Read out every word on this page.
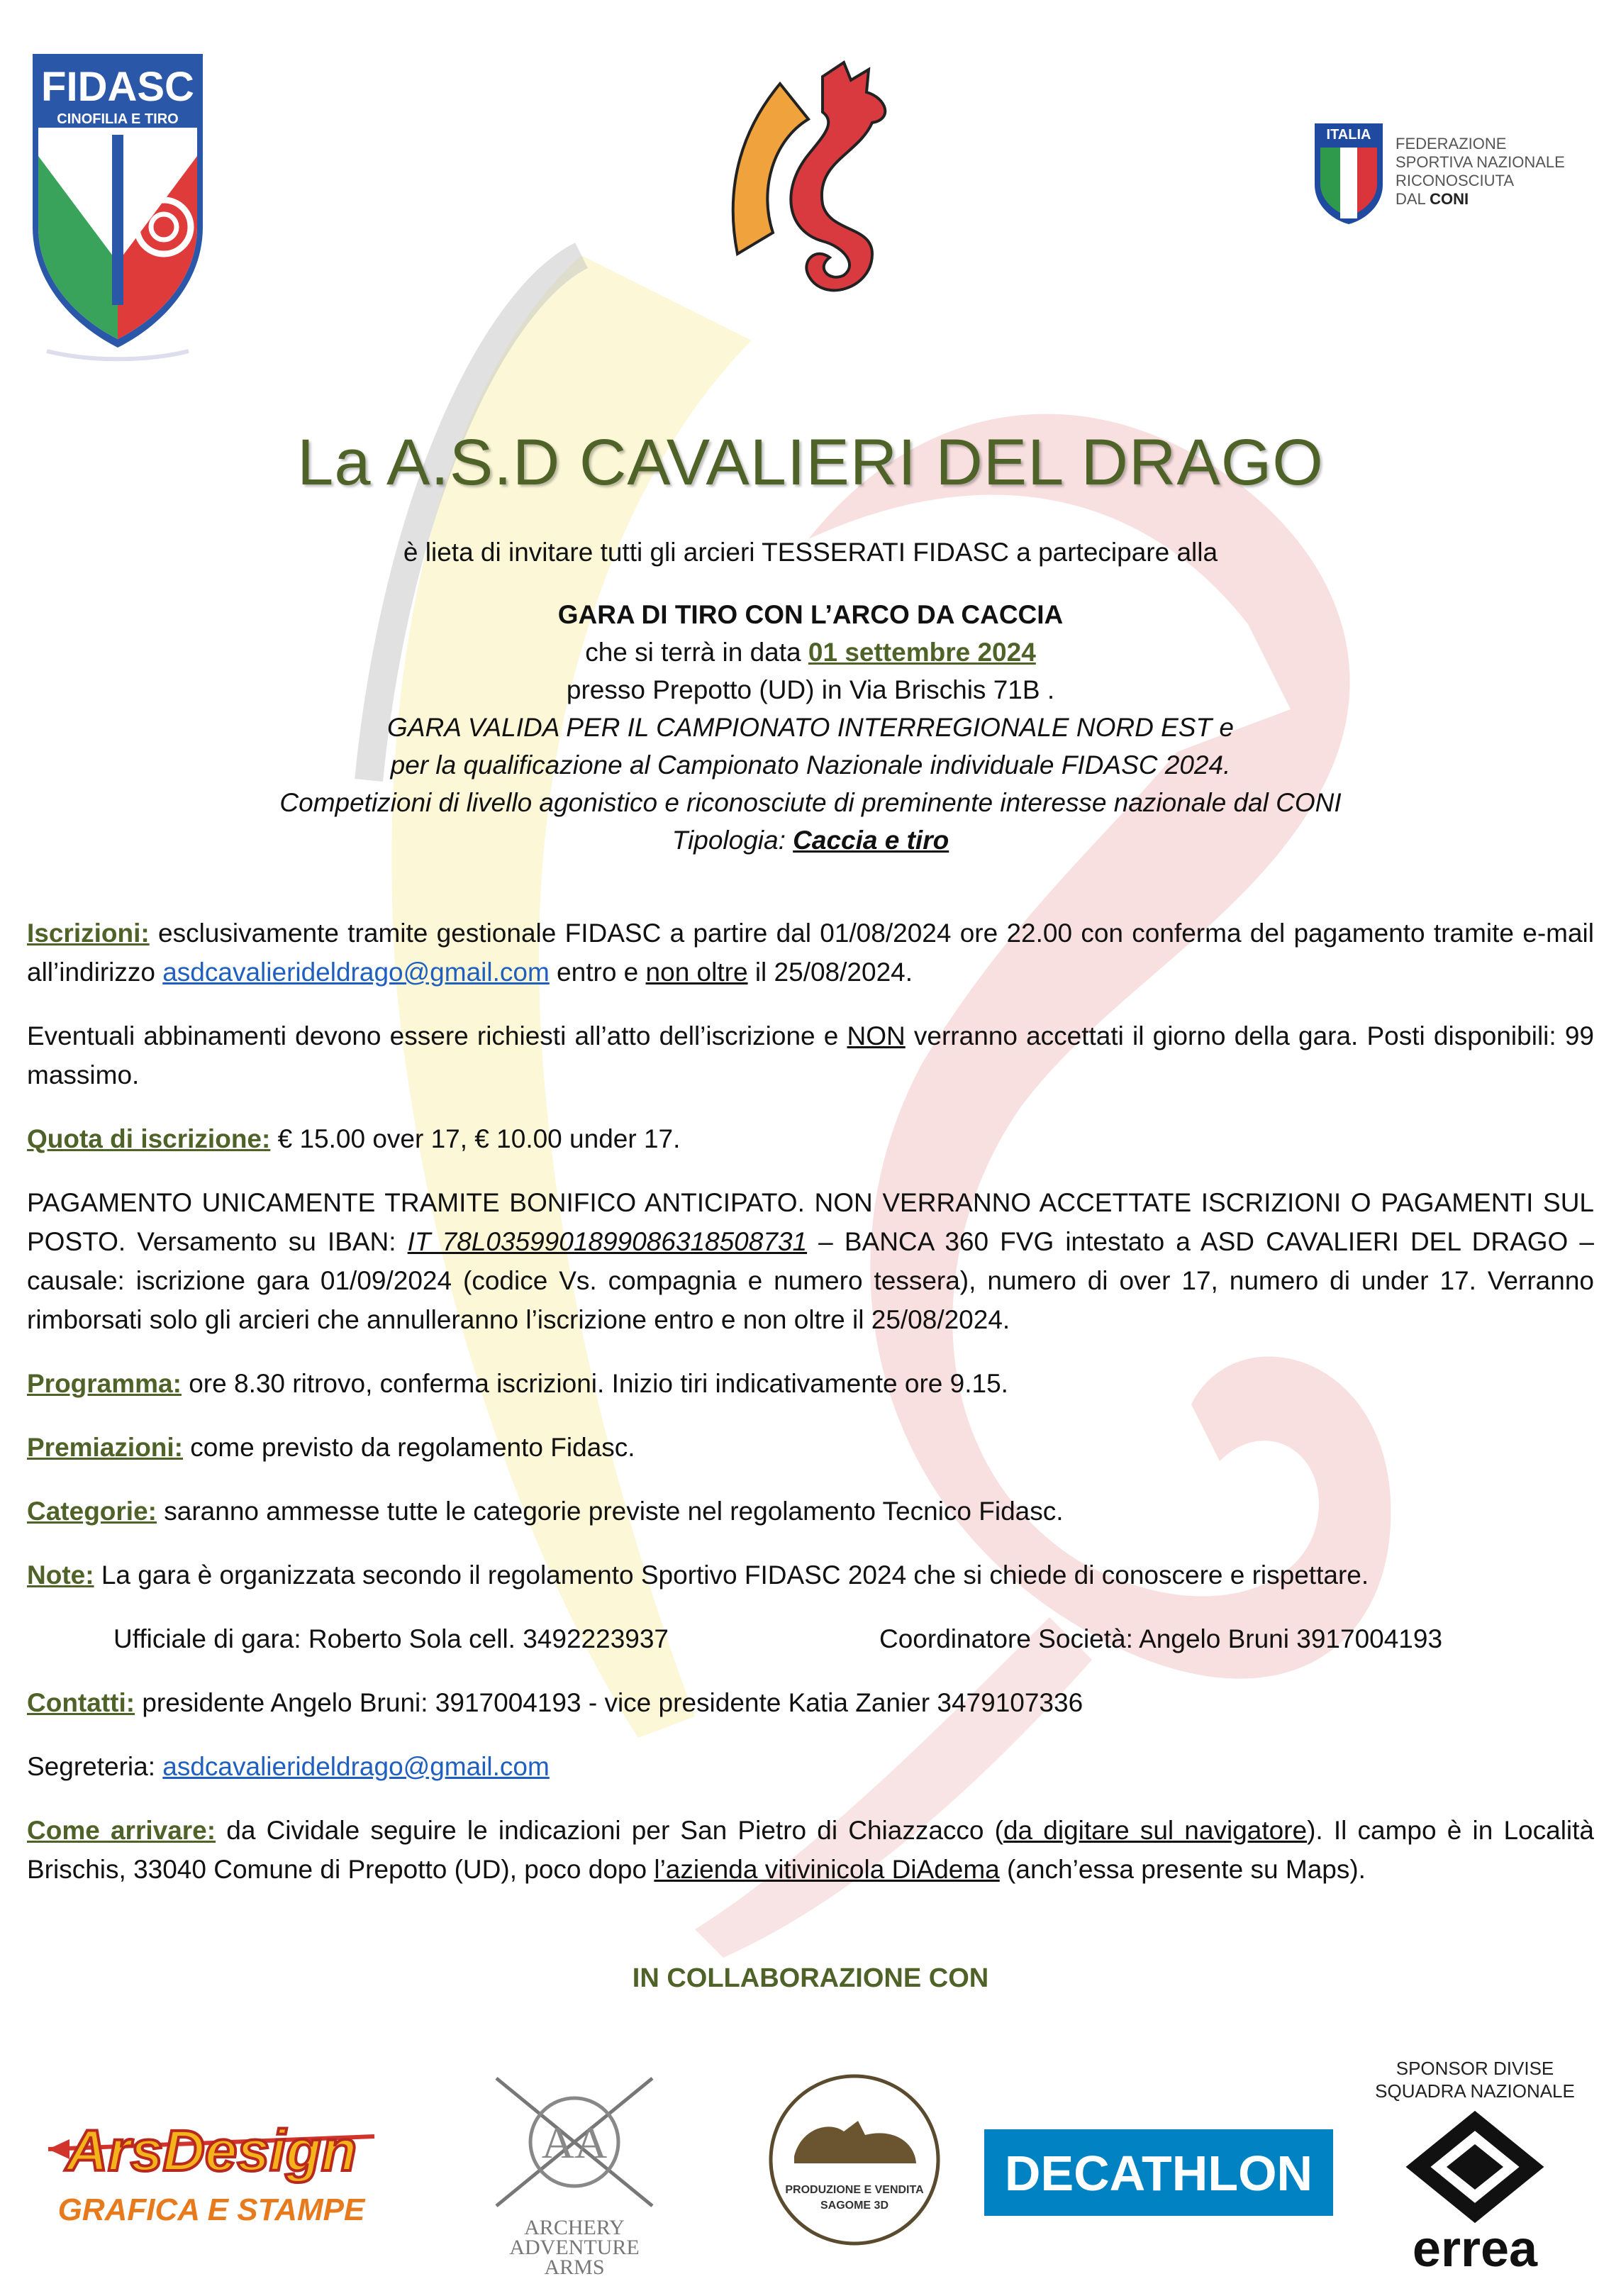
FIDASC
CINOFILIA E TIRO
ITALIA FEDERAZIONE
SPORTIVA NAZIONALE
RICONOSCIUTA
DAL CONI
La A.S.D CAVALIERI DEL DRAGO
è lieta di invitare tutti gli arcieri TESSERATI FIDASC a partecipare alla
GARA DI TIRO CON L’ARCO DA CACCIA
che si terrà in data 01 settembre 2024
presso Prepotto (UD) in Via Brischis 71B .
GARA VALIDA PER IL CAMPIONATO INTERREGIONALE NORD EST e
per la qualificazione al Campionato Nazionale individuale FIDASC 2024.
Competizioni di livello agonistico e riconosciute di preminente interesse nazionale dal CONI
Tipologia: Caccia e tiro

Iscrizioni: esclusivamente tramite gestionale FIDASC a partire dal 01/08/2024 ore 22.00 con conferma del pagamento tramite e-mail all’indirizzo asdcavalierideldrago@gmail.com entro e non oltre il 25/08/2024.

Eventuali abbinamenti devono essere richiesti all’atto dell’iscrizione e NON verranno accettati il giorno della gara. Posti disponibili: 99 massimo.

Quota di iscrizione: € 15.00 over 17, € 10.00 under 17.

PAGAMENTO UNICAMENTE TRAMITE BONIFICO ANTICIPATO. NON VERRANNO ACCETTATE ISCRIZIONI O PAGAMENTI SUL POSTO. Versamento su IBAN: IT 78L0359901899086318508731 – BANCA 360 FVG intestato a ASD CAVALIERI DEL DRAGO – causale: iscrizione gara 01/09/2024 (codice Vs. compagnia e numero tessera), numero di over 17, numero di under 17. Verranno rimborsati solo gli arcieri che annulleranno l’iscrizione entro e non oltre il 25/08/2024.

Programma: ore 8.30 ritrovo, conferma iscrizioni. Inizio tiri indicativamente ore 9.15.

Premiazioni: come previsto da regolamento Fidasc.

Categorie: saranno ammesse tutte le categorie previste nel regolamento Tecnico Fidasc.

Note: La gara è organizzata secondo il regolamento Sportivo FIDASC 2024 che si chiede di conoscere e rispettare.

Ufficiale di gara: Roberto Sola cell. 3492223937	Coordinatore Società: Angelo Bruni 3917004193

Contatti: presidente Angelo Bruni: 3917004193 - vice presidente Katia Zanier 3479107336

Segreteria: asdcavalierideldrago@gmail.com

Come arrivare: da Cividale seguire le indicazioni per San Pietro di Chiazzacco (da digitare sul navigatore). Il campo è in Località Brischis, 33040 Comune di Prepotto (UD), poco dopo l’azienda vitivinicola DiAdema (anch’essa presente su Maps).

IN COLLABORAZIONE CON
ArsDesign
GRAFICA E STAMPE
AA
ARCHERY
ADVENTURE
ARMS
ANIMAL
PRODUZIONE E VENDITA
SAGOME 3D
DECATHLON
SPONSOR DIVISE
SQUADRA NAZIONALE
errea
